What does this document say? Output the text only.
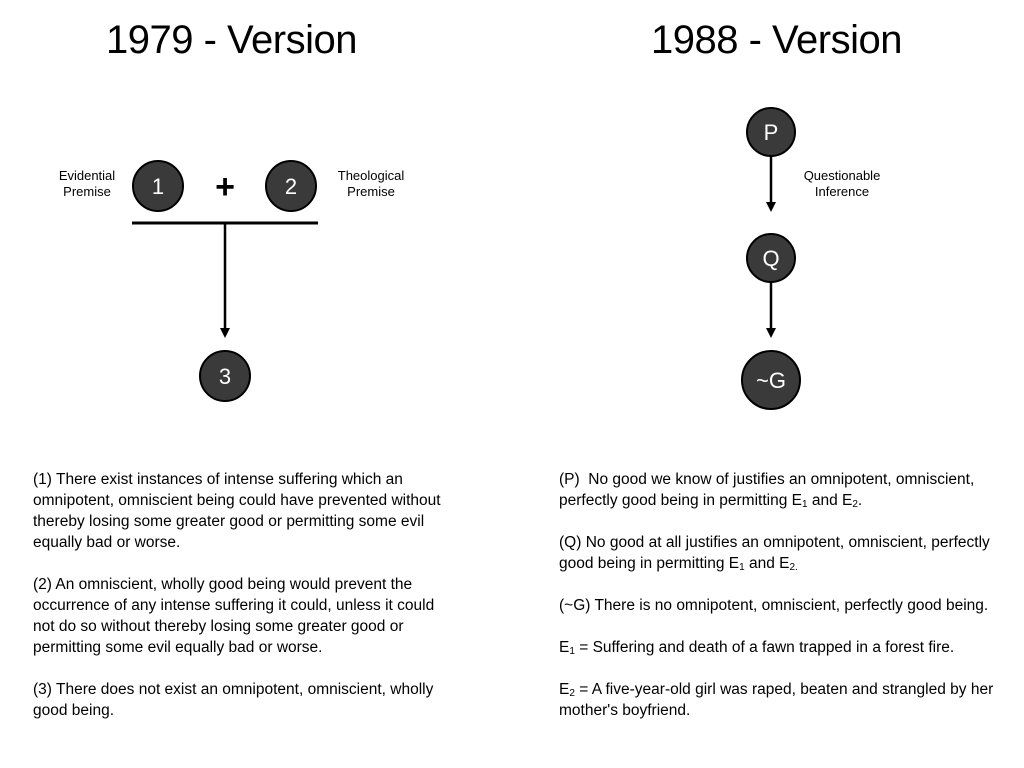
1979 - Version	1988 - Version
Evidential
Premise
Theological
Premise
1 + 2
3
P
Questionable
Inference
Q
~G

(1) There exist instances of intense suffering which an omnipotent, omniscient being could have prevented without thereby losing some greater good or permitting some evil equally bad or worse.

(2) An omniscient, wholly good being would prevent the occurrence of any intense suffering it could, unless it could not do so without thereby losing some greater good or permitting some evil equally bad or worse.

(3) There does not exist an omnipotent, omniscient, wholly good being.

(P) No good we know of justifies an omnipotent, omniscient, perfectly good being in permitting $E_1$ and $E_2$.

(Q) No good at all justifies an omnipotent, omniscient, perfectly good being in permitting $E_1$ and $E_{2.}$

(~G) There is no omnipotent, omniscient, perfectly good being.

$E_1$ = Suffering and death of a fawn trapped in a forest fire.

$E_2 = A$ five-year-old girl was raped, beaten and strangled by her mother's boyfriend.
